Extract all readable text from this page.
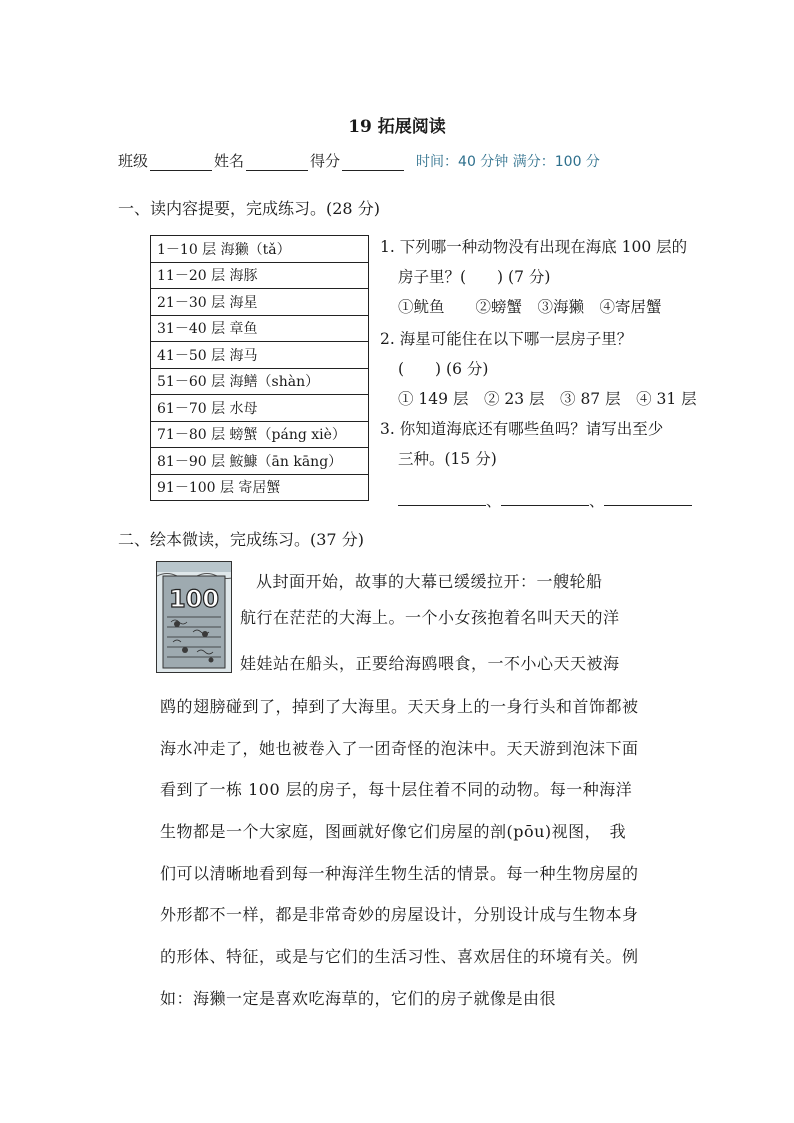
19 拓展阅读
班级	姓名	得分	时间：40 分钟 满分：100 分
一、读内容提要，完成练习。(28 分)
1－10 层 海獭（tǎ）
11－20 层 海豚
21－30 层 海星
31－40 层 章鱼
41－50 层 海马
51－60 层 海鳝（shàn）
61－70 层 水母
71－80 层 螃蟹（páng xiè）
81－90 层 鮟鱇（ān kāng）
91－100 层 寄居蟹
1. 下列哪一种动物没有出现在海底 100 层的
房子里？(　　) (7 分)
①鱿鱼　　②螃蟹　③海獭　④寄居蟹
2. 海星可能住在以下哪一层房子里？
(　　) (6 分)
① 149 层　② 23 层　③ 87 层　④ 31 层
3. 你知道海底还有哪些鱼吗？请写出至少
三种。(15 分)
、	、
二、绘本微读，完成练习。(37 分)
100
从封面开始，故事的大幕已缓缓拉开：一艘轮船
航行在茫茫的大海上。一个小女孩抱着名叫天天的洋
娃娃站在船头，正要给海鸥喂食，一不小心天天被海
鸥的翅膀碰到了，掉到了大海里。天天身上的一身行头和首饰都被
海水冲走了，她也被卷入了一团奇怪的泡沫中。天天游到泡沫下面
看到了一栋 100 层的房子，每十层住着不同的动物。每一种海洋
生物都是一个大家庭，图画就好像它们房屋的剖(pōu)视图，　我
们可以清晰地看到每一种海洋生物生活的情景。每一种生物房屋的
外形都不一样，都是非常奇妙的房屋设计，分别设计成与生物本身
的形体、特征，或是与它们的生活习性、喜欢居住的环境有关。例
如：海獭一定是喜欢吃海草的，它们的房子就像是由很
